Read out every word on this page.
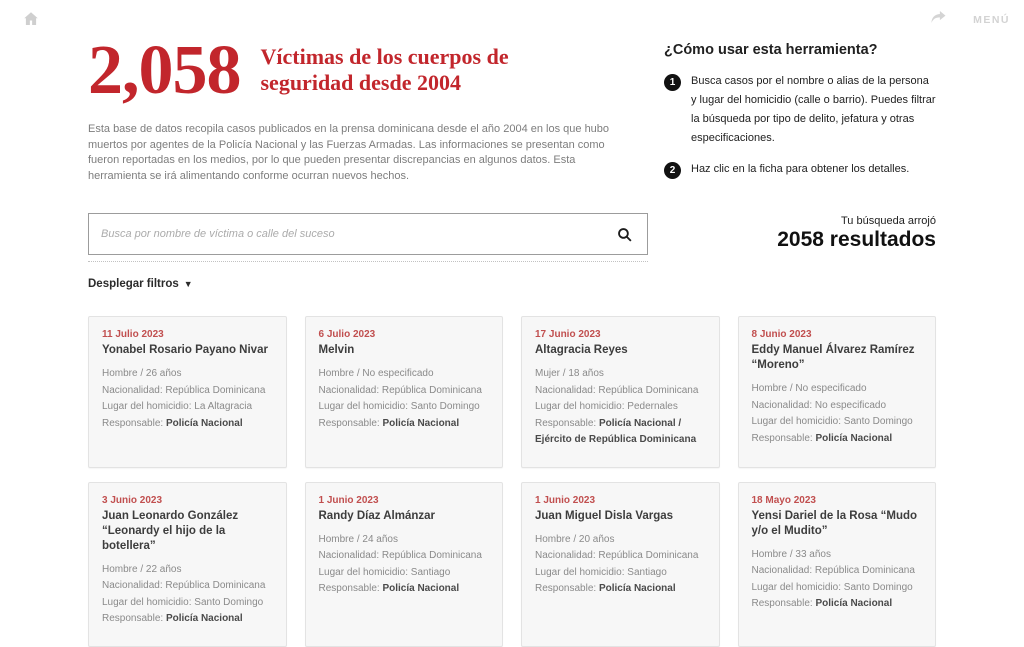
MENÚ
2,058 Víctimas de los cuerpos de seguridad desde 2004

Esta base de datos recopila casos publicados en la prensa dominicana desde el año 2004 en los que hubo muertos por agentes de la Policía Nacional y las Fuerzas Armadas. Las informaciones se presentan como fueron reportadas en los medios, por lo que pueden presentar discrepancias en algunos datos. Esta herramienta se irá alimentando conforme ocurran nuevos hechos.

¿Cómo usar esta herramienta?
1	Busca casos por el nombre o alias de la persona y lugar del homicidio (calle o barrio). Puedes filtrar la búsqueda por tipo de delito, jefatura y otras especificaciones.
2	Haz clic en la ficha para obtener los detalles.
Busca por nombre de víctima o calle del suceso
Tu búsqueda arrojó
2058 resultados
Desplegar filtros ▼
11 Julio 2023
Yonabel Rosario Payano Nivar
Hombre / 26 años
Nacionalidad: República Dominicana
Lugar del homicidio: La Altagracia
Responsable: Policía Nacional
6 Julio 2023
Melvin
Hombre / No especificado
Nacionalidad: República Dominicana
Lugar del homicidio: Santo Domingo
Responsable: Policía Nacional
17 Junio 2023
Altagracia Reyes
Mujer / 18 años
Nacionalidad: República Dominicana
Lugar del homicidio: Pedernales
Responsable: Policía Nacional / Ejército de República Dominicana
8 Junio 2023
Eddy Manuel Álvarez Ramírez “Moreno”
Hombre / No especificado
Nacionalidad: No especificado
Lugar del homicidio: Santo Domingo
Responsable: Policía Nacional
3 Junio 2023
Juan Leonardo González “Leonardy el hijo de la botellera”
Hombre / 22 años
Nacionalidad: República Dominicana
Lugar del homicidio: Santo Domingo
Responsable: Policía Nacional
1 Junio 2023
Randy Díaz Almánzar
Hombre / 24 años
Nacionalidad: República Dominicana
Lugar del homicidio: Santiago
Responsable: Policía Nacional
1 Junio 2023
Juan Miguel Disla Vargas
Hombre / 20 años
Nacionalidad: República Dominicana
Lugar del homicidio: Santiago
Responsable: Policía Nacional
18 Mayo 2023
Yensi Dariel de la Rosa “Mudo y/o el Mudito”
Hombre / 33 años
Nacionalidad: República Dominicana
Lugar del homicidio: Santo Domingo
Responsable: Policía Nacional
